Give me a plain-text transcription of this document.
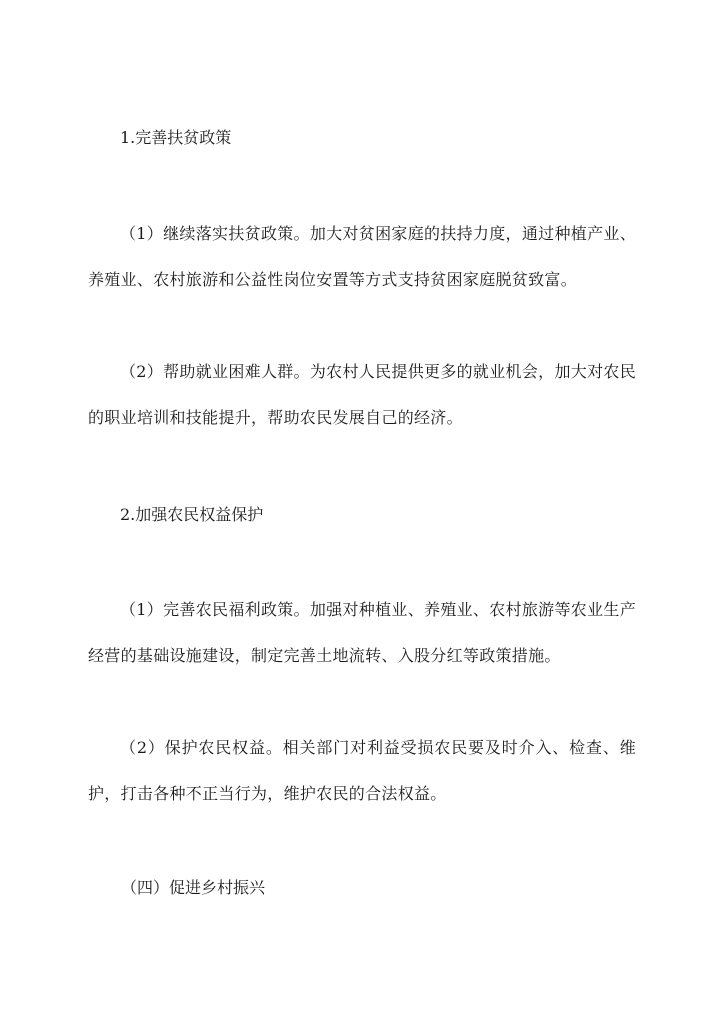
1.完善扶贫政策

（1）继续落实扶贫政策。加大对贫困家庭的扶持力度，通过种植产业、养殖业、农村旅游和公益性岗位安置等方式支持贫困家庭脱贫致富。

（2）帮助就业困难人群。为农村人民提供更多的就业机会，加大对农民的职业培训和技能提升，帮助农民发展自己的经济。

2.加强农民权益保护

（1）完善农民福利政策。加强对种植业、养殖业、农村旅游等农业生产经营的基础设施建设，制定完善土地流转、入股分红等政策措施。

（2）保护农民权益。相关部门对利益受损农民要及时介入、检查、维护，打击各种不正当行为，维护农民的合法权益。

（四）促进乡村振兴
